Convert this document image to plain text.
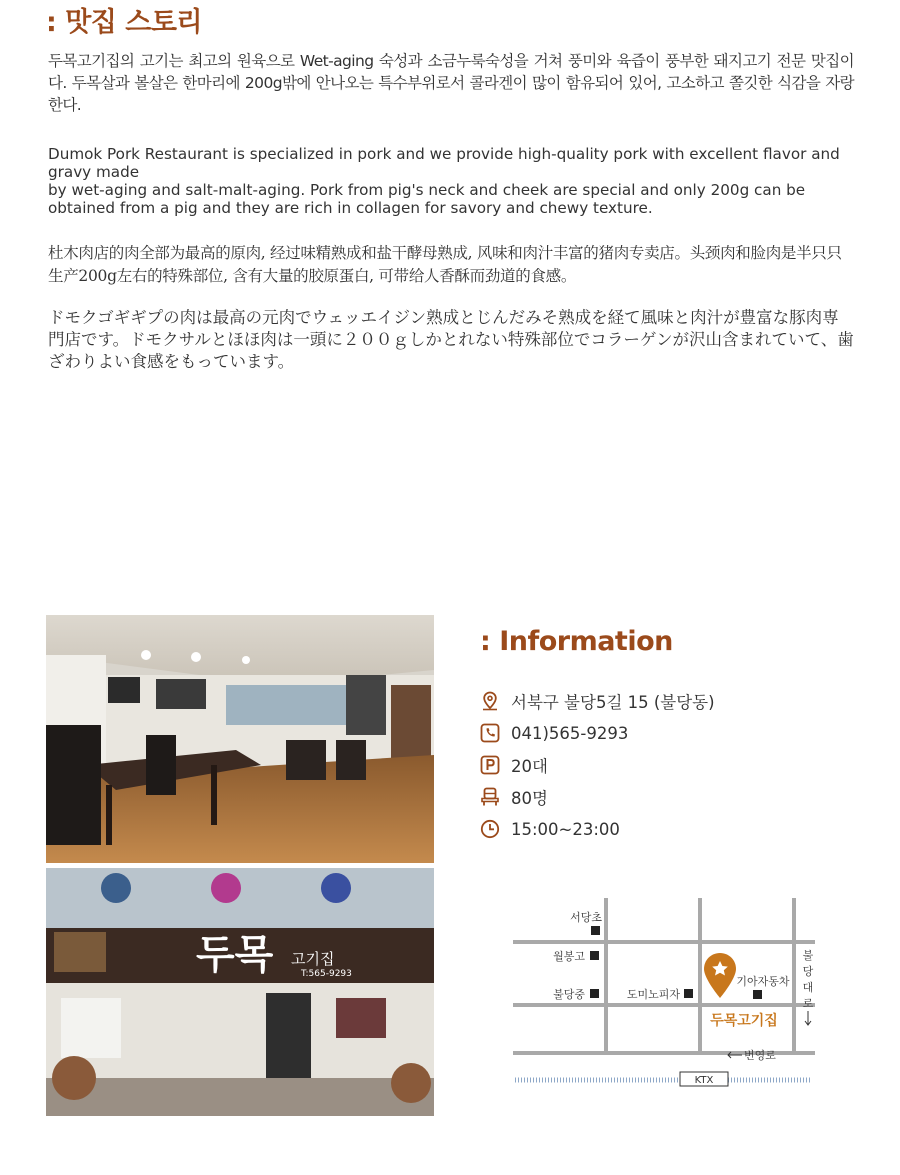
: 맛집 스토리

두목고기집의 고기는 최고의 원육으로 Wet-aging 숙성과 소금누룩숙성을 거쳐 풍미와 육즙이 풍부한 돼지고기 전문 맛집이다. 두목살과 볼살은 한마리에 200g밖에 안나오는 특수부위로서 콜라겐이 많이 함유되어 있어, 고소하고 쫄깃한 식감을 자랑한다.

Dumok Pork Restaurant is specialized in pork and we provide high-quality pork with excellent flavor and gravy made
by wet-aging and salt-malt-aging. Pork from pig's neck and cheek are special and only 200g can be obtained from a pig and they are rich in collagen for savory and chewy texture.

杜木肉店的肉全部为最高的原肉, 经过味精熟成和盐干酵母熟成, 风味和肉汁丰富的猪肉专卖店。头颈肉和脸肉是半只只生产200g左右的特殊部位, 含有大量的胶原蛋白, 可带给人香酥而劲道的食感。

ドモクゴギギプの肉は最高の元肉でウェッエイジン熟成とじんだみそ熟成を経て風味と肉汁が豊富な豚肉専門店です。ドモクサルとほほ肉は一頭に２００ｇしかとれない特殊部位でコラーゲンが沢山含まれていて、歯ざわりよい食感をもっています。

두목 고기집
T:565-9293
: Information
서북구 불당5길 15 (불당동)
041)565-9293
20대
80명
15:00~23:00
KTX
서당초
월봉고
불당중	도미노피자
기아자동차
두목고기집
불
당
대
로
번영로
